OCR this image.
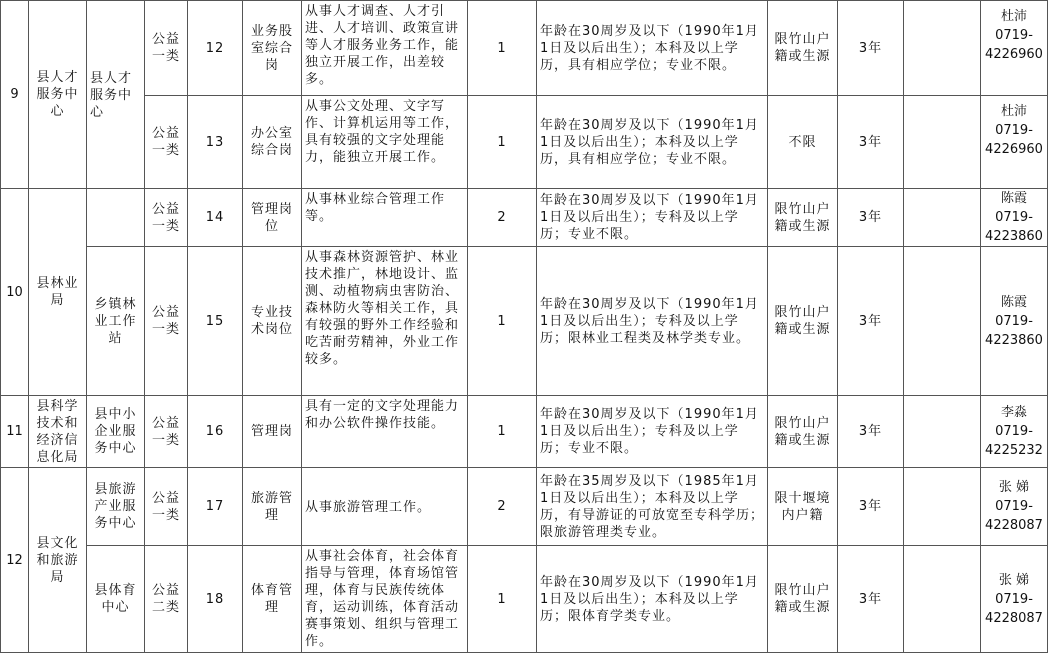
9	县人才服务中心	县人才服务中心	公益一类	12	业务股室综合岗	从事人才调查、人才引进、人才培训、政策宣讲等人才服务业务工作，能独立开展工作，出差较多。	1	年龄在30周岁及以下（1990年1月1日及以后出生）；本科及以上学历，具有相应学位；专业不限。	限竹山户籍或生源	3年		杜沛
0719-4226960

			公益一类	13	办公室综合岗	从事公文处理、文字写作、计算机运用等工作，具有较强的文字处理能力，能独立开展工作。	1	年龄在30周岁及以下（1990年1月1日及以后出生）；本科及以上学历，具有相应学位；专业不限。	不限	3年		杜沛
0719-4226960

10	县林业局		公益一类	14	管理岗位	从事林业综合管理工作等。	2	年龄在30周岁及以下（1990年1月1日及以后出生）；专科及以上学历；专业不限。	限竹山户籍或生源	3年		陈霞
0719-4223860

		乡镇林业工作站	公益一类	15	专业技术岗位	从事森林资源管护、林业技术推广，林地设计、监测、动植物病虫害防治、森林防火等相关工作，具有较强的野外工作经验和吃苦耐劳精神，外业工作较多。	1	年龄在30周岁及以下（1990年1月1日及以后出生）；专科及以上学历；限林业工程类及林学类专业。	限竹山户籍或生源	3年		陈霞
0719-4223860

11	县科学技术和经济信息化局	县中小企业服务中心	公益一类	16	管理岗	具有一定的文字处理能力和办公软件操作技能。	1	年龄在30周岁及以下（1990年1月1日及以后出生）；专科及以上学历；专业不限。	限竹山户籍或生源	3年		李淼
0719-4225232

12	县文化和旅游局	县旅游产业服务中心	公益一类	17	旅游管理	从事旅游管理工作。	2	年龄在35周岁及以下（1985年1月1日及以后出生）；本科及以上学历，有导游证的可放宽至专科学历；限旅游管理类专业。	限十堰境内户籍	3年		张 娣
0719-4228087

		县体育中心	公益二类	18	体育管理	从事社会体育，社会体育指导与管理，体育场馆管理，体育与民族传统体育，运动训练，体育活动赛事策划、组织与管理工作。	1	年龄在30周岁及以下（1990年1月1日及以后出生）；本科及以上学历；限体育学类专业。	限竹山户籍或生源	3年		张 娣
0719-4228087
